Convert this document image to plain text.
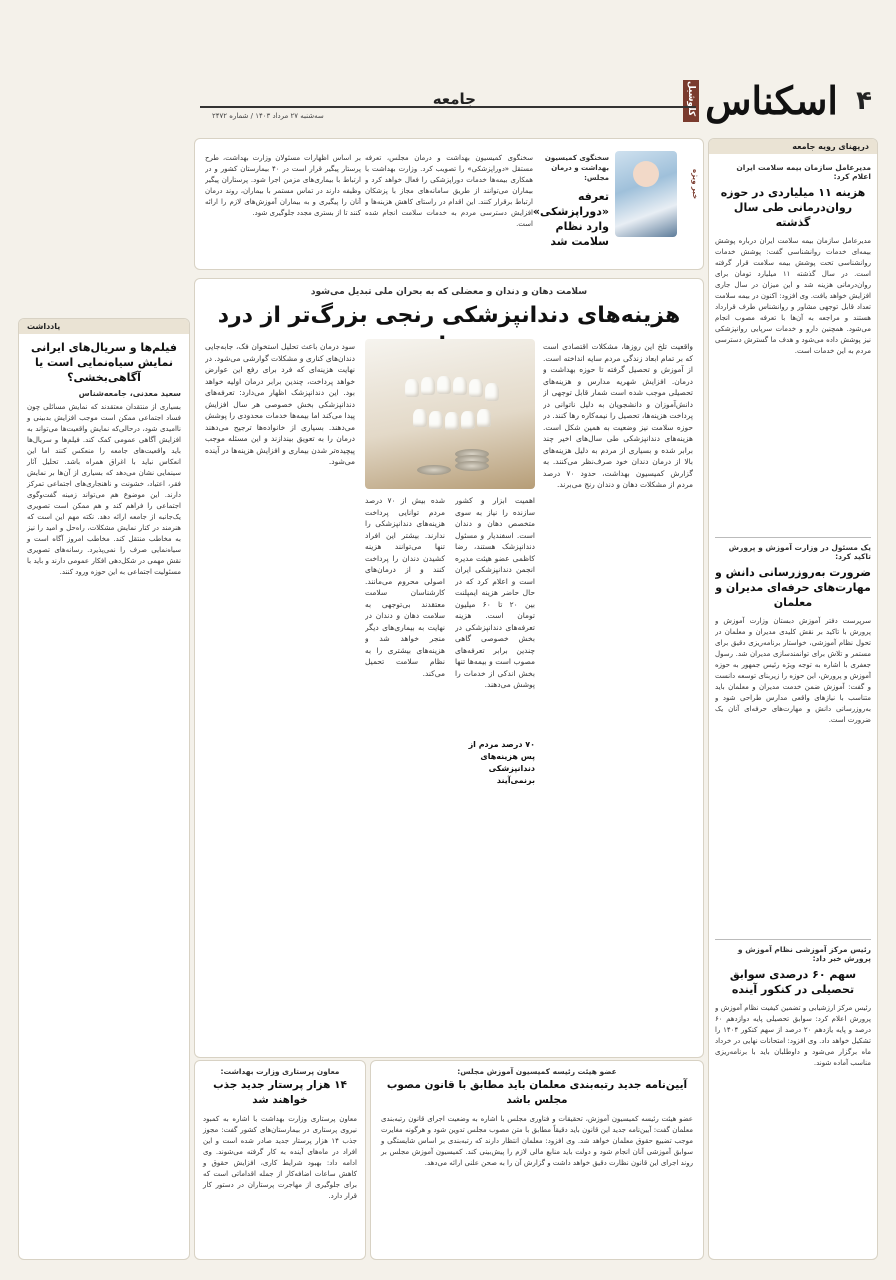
۴
اسکناس
کلوشیل
جامعه
سه‌شنبه ۲۷ مرداد ۱۴۰۳ / شماره ۲۴۷۲
درپهنای رویه جامعه
مدیرعامل سازمان بیمه سلامت ایران اعلام کرد:
هزینه ۱۱ میلیاردی در حوزه روان‌درمانی طی سال گذشته
مدیرعامل سازمان بیمه سلامت ایران درباره پوشش بیمه‌ای خدمات روانشناسی گفت: پوشش خدمات روانشناسی تحت پوشش بیمه سلامت قرار گرفته است. در سال گذشته ۱۱ میلیارد تومان برای روان‌درمانی هزینه شد و این میزان در سال جاری افزایش خواهد یافت. وی افزود: اکنون در بیمه سلامت تعداد قابل توجهی مشاور و روانشناس طرف قرارداد هستند و مراجعه به آن‌ها با تعرفه مصوب انجام می‌شود. همچنین دارو و خدمات سرپایی روانپزشکی نیز پوشش داده می‌شود و هدف ما گسترش دسترسی مردم به این خدمات است.
یک مسئول در وزارت آموزش و پرورش تاکید کرد:
ضرورت به‌روزرسانی دانش و مهارت‌های حرفه‌ای مدیران و معلمان
سرپرست دفتر آموزش دبستان وزارت آموزش و پرورش با تاکید بر نقش کلیدی مدیران و معلمان در تحول نظام آموزشی، خواستار برنامه‌ریزی دقیق برای مستمر و تلاش برای توانمندسازی مدیران شد. رسول جعفری با اشاره به توجه ویژه رئیس جمهور به حوزه آموزش و پرورش، این حوزه را زیربنای توسعه دانست و گفت: آموزش ضمن خدمت مدیران و معلمان باید متناسب با نیازهای واقعی مدارس طراحی شود و به‌روزرسانی دانش و مهارت‌های حرفه‌ای آنان یک ضرورت است.
رئیس مرکز آموزشی نظام آموزش و پرورش خبر داد:
سهم ۶۰ درصدی سوابق تحصیلی در کنکور آینده
رئیس مرکز ارزشیابی و تضمین کیفیت نظام آموزش و پرورش اعلام کرد: سوابق تحصیلی پایه دوازدهم ۶۰ درصد و پایه یازدهم ۲۰ درصد از سهم کنکور ۱۴۰۴ را تشکیل خواهد داد. وی افزود: امتحانات نهایی در خرداد ماه برگزار می‌شود و داوطلبان باید با برنامه‌ریزی مناسب آماده شوند.
خبر ویژه
سخنگوی کمیسیون بهداشت و درمان مجلس:
تعرفه «دوراپزشکی» وارد نظام سلامت شد
سخنگوی کمیسیون بهداشت و درمان مجلس، تعرفه مستقل «دوراپزشکی» را تصویب کرد. وزارت بهداشت با همکاری بیمه‌ها خدمات دوراپزشکی را فعال خواهد کرد و بیماران می‌توانند از طریق سامانه‌های مجاز با پزشکان ارتباط برقرار کنند. این اقدام در راستای کاهش هزینه‌ها و افزایش دسترسی مردم به خدمات سلامت انجام شده است.
بر اساس اظهارات مسئولان وزارت بهداشت، طرح پرستار پیگیر قرار است در ۴۰ بیمارستان کشور و در ارتباط با بیماری‌های مزمن اجرا شود. پرستاران پیگیر وظیفه دارند در تماس مستمر با بیماران، روند درمان آنان را پیگیری و به بیماران آموزش‌های لازم را ارائه کنند تا از بستری مجدد جلوگیری شود.
یادداشت
فیلم‌ها و سریال‌های ایرانی نمایش سیاه‌نمایی است یا آگاهی‌بخشی؟
سعید معدنی، جامعه‌شناس
بسیاری از منتقدان معتقدند که نمایش مسائلی چون فساد اجتماعی ممکن است موجب افزایش بدبینی و ناامیدی شود، درحالی‌که نمایش واقعیت‌ها می‌تواند به افزایش آگاهی عمومی کمک کند. فیلم‌ها و سریال‌ها باید واقعیت‌های جامعه را منعکس کنند اما این انعکاس نباید با اغراق همراه باشد. تحلیل آثار سینمایی نشان می‌دهد که بسیاری از آن‌ها بر نمایش فقر، اعتیاد، خشونت و ناهنجاری‌های اجتماعی تمرکز دارند. این موضوع هم می‌تواند زمینه گفت‌وگوی اجتماعی را فراهم کند و هم ممکن است تصویری یک‌جانبه از جامعه ارائه دهد. نکته مهم این است که هنرمند در کنار نمایش مشکلات، راه‌حل و امید را نیز به مخاطب منتقل کند. مخاطب امروز آگاه است و سیاه‌نمایی صرف را نمی‌پذیرد. رسانه‌های تصویری نقش مهمی در شکل‌دهی افکار عمومی دارند و باید با مسئولیت اجتماعی به این حوزه ورود کنند.
سلامت دهان و دندان و معضلی که به بحران ملی تبدیل می‌شود
هزینه‌های دندانپزشکی رنجی بزرگ‌تر از درد
واقعیت تلخ این روزها، مشکلات اقتصادی است که بر تمام ابعاد زندگی مردم سایه انداخته است. از آموزش و تحصیل گرفته تا حوزه بهداشت و درمان. افزایش شهریه مدارس و هزینه‌های تحصیلی موجب شده است شمار قابل توجهی از دانش‌آموزان و دانشجویان به دلیل ناتوانی در پرداخت هزینه‌ها، تحصیل را نیمه‌کاره رها کنند. در حوزه سلامت نیز وضعیت به همین شکل است. هزینه‌های دندانپزشکی طی سال‌های اخیر چند برابر شده و بسیاری از مردم به دلیل هزینه‌های بالا از درمان دندان خود صرف‌نظر می‌کنند. به گزارش کمیسیون بهداشت، حدود ۷۰ درصد مردم از مشکلات دهان و دندان رنج می‌برند.
سود درمان باعث تحلیل استخوان فک، جابه‌جایی دندان‌های کناری و مشکلات گوارشی می‌شود. در نهایت هزینه‌ای که فرد برای رفع این عوارض خواهد پرداخت، چندین برابر درمان اولیه خواهد بود. این دندانپزشک اظهار می‌دارد: تعرفه‌های دندانپزشکی بخش خصوصی هر سال افزایش پیدا می‌کند اما بیمه‌ها خدمات محدودی را پوشش می‌دهند. بسیاری از خانواده‌ها ترجیح می‌دهند درمان را به تعویق بیندازند و این مسئله موجب پیچیده‌تر شدن بیماری و افزایش هزینه‌ها در آینده می‌شود.
شده بیش از ۷۰ درصد مردم توانایی پرداخت هزینه‌های دندانپزشکی را ندارند. بیشتر این افراد تنها می‌توانند هزینه کشیدن دندان را پرداخت کنند و از درمان‌های اصولی محروم می‌مانند. کارشناسان سلامت معتقدند بی‌توجهی به سلامت دهان و دندان در نهایت به بیماری‌های دیگر منجر خواهد شد و هزینه‌های بیشتری را به نظام سلامت تحمیل می‌کند.
اهمیت ابزار و کشور سازنده را نیاز به سوی متخصص دهان و دندان است. اسفندیار و مسئول دندانپزشک هستند، رضا کاظمی عضو هیئت مدیره انجمن دندانپزشکی ایران است و اعلام کرد که در حال حاضر هزینه ایمپلنت بین ۲۰ تا ۶۰ میلیون تومان است. هزینه تعرفه‌های دندانپزشکی در بخش خصوصی گاهی چندین برابر تعرفه‌های مصوب است و بیمه‌ها تنها بخش اندکی از خدمات را پوشش می‌دهند.
۷۰ درصد مردم از پس هزینه‌های دندانپزشکی برنمی‌آیند
عضو هیئت رئیسه کمیسیون آموزش مجلس:
آیین‌نامه جدید رتبه‌بندی معلمان باید مطابق با قانون مصوب مجلس باشد
عضو هیئت رئیسه کمیسیون آموزش، تحقیقات و فناوری مجلس با اشاره به وضعیت اجرای قانون رتبه‌بندی معلمان گفت: آیین‌نامه جدید این قانون باید دقیقاً مطابق با متن مصوب مجلس تدوین شود و هرگونه مغایرت موجب تضییع حقوق معلمان خواهد شد. وی افزود: معلمان انتظار دارند که رتبه‌بندی بر اساس شایستگی و سوابق آموزشی آنان انجام شود و دولت باید منابع مالی لازم را پیش‌بینی کند. کمیسیون آموزش مجلس بر روند اجرای این قانون نظارت دقیق خواهد داشت و گزارش آن را به صحن علنی ارائه می‌دهد.
معاون پرستاری وزارت بهداشت:
۱۴ هزار پرستار جدید جذب خواهند شد
معاون پرستاری وزارت بهداشت با اشاره به کمبود نیروی پرستاری در بیمارستان‌های کشور گفت: مجوز جذب ۱۴ هزار پرستار جدید صادر شده است و این افراد در ماه‌های آینده به کار گرفته می‌شوند. وی ادامه داد: بهبود شرایط کاری، افزایش حقوق و کاهش ساعات اضافه‌کار از جمله اقداماتی است که برای جلوگیری از مهاجرت پرستاران در دستور کار قرار دارد.
